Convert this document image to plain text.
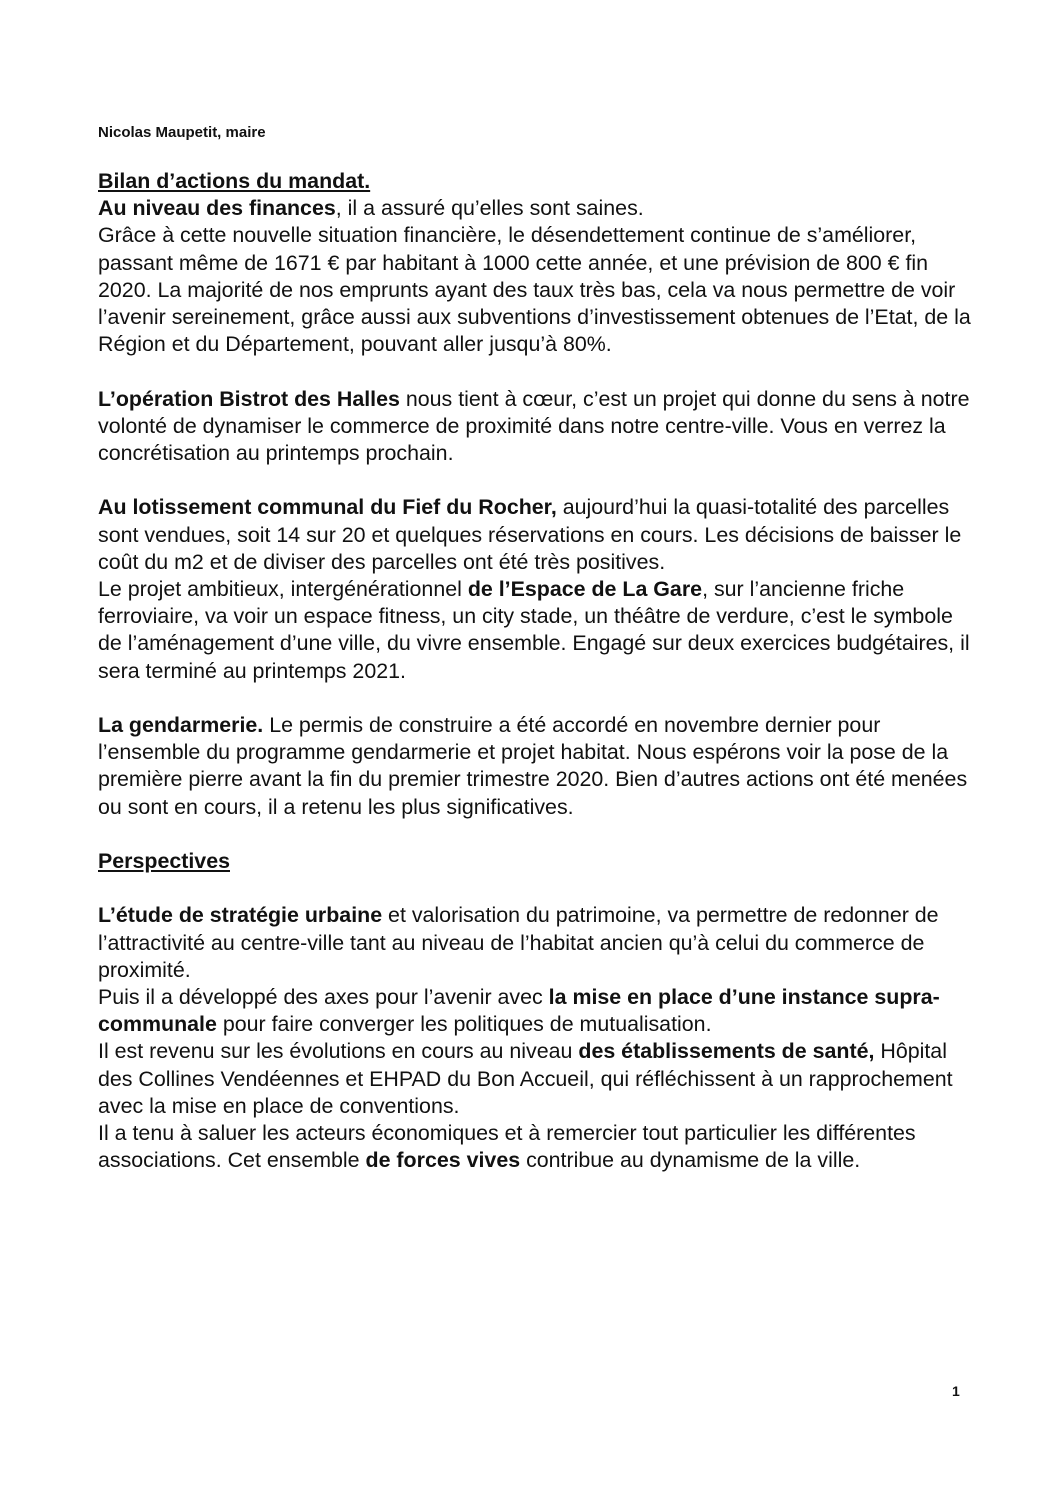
Nicolas Maupetit, maire

Bilan d’actions du mandat.

Au niveau des finances, il a assuré qu’elles sont saines.

Grâce à cette nouvelle situation financière, le désendettement continue de s’améliorer, passant même de 1671 € par habitant à 1000 cette année, et une prévision de 800 € fin 2020. La majorité de nos emprunts ayant des taux très bas, cela va nous permettre de voir l’avenir sereinement, grâce aussi aux subventions d’investissement obtenues de l’Etat, de la Région et du Département, pouvant aller jusqu’à 80%.

L’opération Bistrot des Halles nous tient à cœur, c’est un projet qui donne du sens à notre volonté de dynamiser le commerce de proximité dans notre centre-ville. Vous en verrez la concrétisation au printemps prochain.

Au lotissement communal du Fief du Rocher, aujourd’hui la quasi-totalité des parcelles sont vendues, soit 14 sur 20 et quelques réservations en cours. Les décisions de baisser le coût du m2 et de diviser des parcelles ont été très positives.

Le projet ambitieux, intergénérationnel de l’Espace de La Gare, sur l’ancienne friche ferroviaire, va voir un espace fitness, un city stade, un théâtre de verdure, c’est le symbole de l’aménagement d’une ville, du vivre ensemble. Engagé sur deux exercices budgétaires, il sera terminé au printemps 2021.

La gendarmerie. Le permis de construire a été accordé en novembre dernier pour l’ensemble du programme gendarmerie et projet habitat. Nous espérons voir la pose de la première pierre avant la fin du premier trimestre 2020. Bien d’autres actions ont été menées ou sont en cours, il a retenu les plus significatives.

Perspectives

L’étude de stratégie urbaine et valorisation du patrimoine, va permettre de redonner de l’attractivité au centre-ville tant au niveau de l’habitat ancien qu’à celui du commerce de proximité.

Puis il a développé des axes pour l’avenir avec la mise en place d’une instance supra-communale pour faire converger les politiques de mutualisation.

Il est revenu sur les évolutions en cours au niveau des établissements de santé, Hôpital des Collines Vendéennes et EHPAD du Bon Accueil, qui réfléchissent à un rapprochement avec la mise en place de conventions.

Il a tenu à saluer les acteurs économiques et à remercier tout particulier les différentes associations. Cet ensemble de forces vives contribue au dynamisme de la ville.

1
